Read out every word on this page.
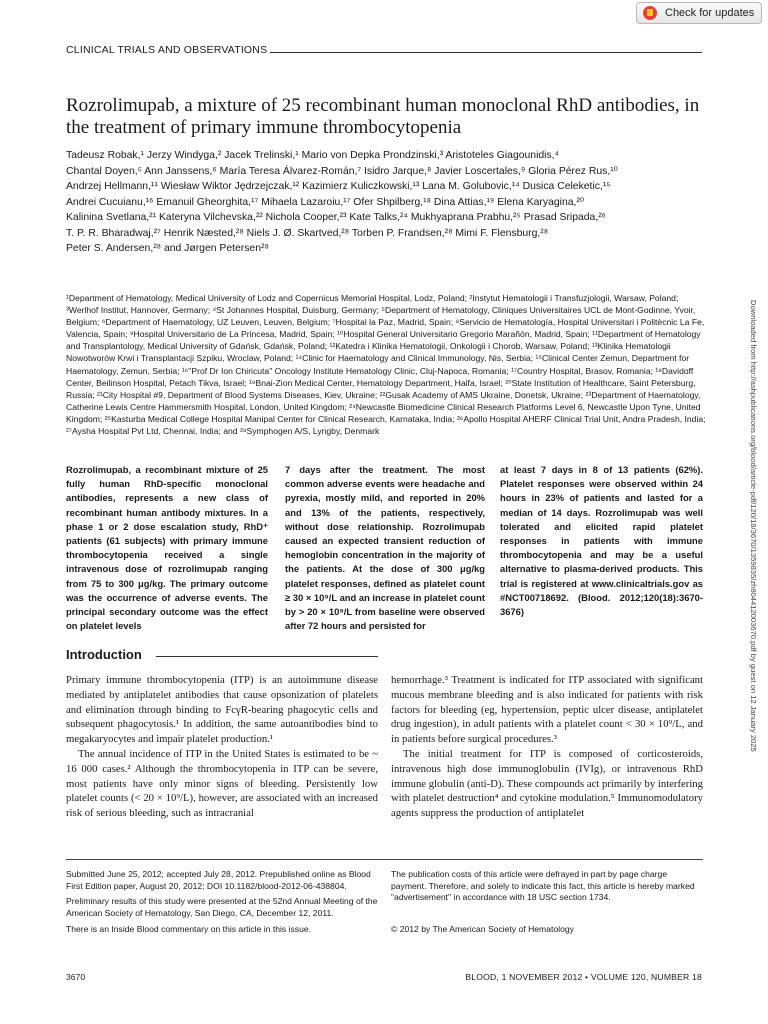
Check for updates
CLINICAL TRIALS AND OBSERVATIONS
Rozrolimupab, a mixture of 25 recombinant human monoclonal RhD antibodies, in the treatment of primary immune thrombocytopenia
Tadeusz Robak,¹ Jerzy Windyga,² Jacek Trelinski,¹ Mario von Depka Prondzinski,³ Aristoteles Giagounidis,⁴
Chantal Doyen,⁵ Ann Janssens,⁶ María Teresa Álvarez-Román,⁷ Isidro Jarque,⁸ Javier Loscertales,⁹ Gloria Pérez Rus,¹⁰
Andrzej Hellmann,¹¹ Wiesław Wiktor Jędrzejczak,¹² Kazimierz Kuliczkowski,¹³ Lana M. Golubovic,¹⁴ Dusica Celeketic,¹⁵
Andrei Cucuianu,¹⁶ Emanuil Gheorghita,¹⁷ Mihaela Lazaroiu,¹⁷ Ofer Shpilberg,¹⁸ Dina Attias,¹⁹ Elena Karyagina,²⁰
Kalinina Svetlana,²¹ Kateryna Vilchevska,²² Nichola Cooper,²³ Kate Talks,²⁴ Mukhyaprana Prabhu,²⁵ Prasad Sripada,²⁶
T. P. R. Bharadwaj,²⁷ Henrik Næsted,²⁸ Niels J. Ø. Skartved,²⁸ Torben P. Frandsen,²⁸ Mimi F. Flensburg,²⁸
Peter S. Andersen,²⁸ and Jørgen Petersen²⁸
¹Department of Hematology, Medical University of Lodz and Copernicus Memorial Hospital, Lodz, Poland; ²Instytut Hematologii i Transfuzjologii, Warsaw, Poland; ³Werlhof Institut, Hannover, Germany; ⁴St Johannes Hospital, Duisburg, Germany; ⁵Department of Hematology, Cliniques Universitaires UCL de Mont-Godinne, Yvoir, Belgium; ⁶Department of Haematology, UZ Leuven, Leuven, Belgium; ⁷Hospital la Paz, Madrid, Spain; ⁸Servicio de Hematología, Hospital Universitari i Politècnic La Fe, Valencia, Spain; ⁹Hospital Universitario de La Princesa, Madrid, Spain; ¹⁰Hospital General Universitario Gregorio Marañón, Madrid, Spain; ¹¹Department of Hematology and Transplantology, Medical University of Gdańsk, Gdańsk, Poland; ¹²Katedra i Klinika Hematologii, Onkologii i Chorob, Warsaw, Poland; ¹³Klinika Hematologii Nowotworów Krwi i Transplantacji Szpiku, Wroclaw, Poland; ¹⁴Clinic for Haematology and Clinical Immunology, Nis, Serbia; ¹⁵Clinical Center Zemun, Department for Haematology, Zemun, Serbia; ¹⁶"Prof Dr Ion Chiricuta" Oncology Institute Hematology Clinic, Cluj-Napoca, Romania; ¹⁷Country Hospital, Brasov, Romania; ¹⁸Davidoff Center, Beilinson Hospital, Petach Tikva, Israel; ¹⁹Bnai-Zion Medical Center, Hematology Department, Haifa, Israel; ²⁰State Institution of Healthcare, Saint Petersburg, Russia; ²¹City Hospital #9, Department of Blood Systems Diseases, Kiev, Ukraine; ²²Gusak Academy of AMS Ukraine, Donetsk, Ukraine; ²³Department of Haematology, Catherine Lewis Centre Hammersmith Hospital, London, United Kingdom; ²⁴Newcastle Biomedicine Clinical Research Platforms Level 6, Newcastle Upon Tyne, United Kingdom; ²⁵Kasturba Medical College Hospital Manipal Center for Clinical Research, Karnataka, India; ²⁶Apollo Hospital AHERF Clinical Trial Unit, Andra Pradesh, India; ²⁷Aysha Hospital Pvt Ltd, Chennai, India; and ²⁸Symphogen A/S, Lyngby, Denmark
Rozrolimupab, a recombinant mixture of 25 fully human RhD-specific monoclonal antibodies, represents a new class of recombinant human antibody mixtures. In a phase 1 or 2 dose escalation study, RhD⁺ patients (61 subjects) with primary immune thrombocytopenia received a single intravenous dose of rozrolimupab ranging from 75 to 300 μg/kg. The primary outcome was the occurrence of adverse events. The principal secondary outcome was the effect on platelet levels
7 days after the treatment. The most common adverse events were headache and pyrexia, mostly mild, and reported in 20% and 13% of the patients, respectively, without dose relationship. Rozrolimupab caused an expected transient reduction of hemoglobin concentration in the majority of the patients. At the dose of 300 μg/kg platelet responses, defined as platelet count ≥ 30 × 10⁹/L and an increase in platelet count by > 20 × 10⁹/L from baseline were observed after 72 hours and persisted for
at least 7 days in 8 of 13 patients (62%). Platelet responses were observed within 24 hours in 23% of patients and lasted for a median of 14 days. Rozrolimupab was well tolerated and elicited rapid platelet responses in patients with immune thrombocytopenia and may be a useful alternative to plasma-derived products. This trial is registered at www.clinicaltrials.gov as #NCT00718692. (Blood. 2012;120(18):3670-3676)
Introduction

Primary immune thrombocytopenia (ITP) is an autoimmune disease mediated by antiplatelet antibodies that cause opsonization of platelets and elimination through binding to FcγR-bearing phagocytic cells and subsequent phagocytosis.¹ In addition, the same autoantibodies bind to megakaryocytes and impair platelet production.¹

The annual incidence of ITP in the United States is estimated to be ~ 16 000 cases.² Although the thrombocytopenia in ITP can be severe, most patients have only minor signs of bleeding. Persistently low platelet counts (< 20 × 10⁹/L), however, are associated with an increased risk of serious bleeding, such as intracranial

hemorrhage.³ Treatment is indicated for ITP associated with significant mucous membrane bleeding and is also indicated for patients with risk factors for bleeding (eg, hypertension, peptic ulcer disease, antiplatelet drug ingestion), in adult patients with a platelet count < 30 × 10⁹/L, and in patients before surgical procedures.³

The initial treatment for ITP is composed of corticosteroids, intravenous high dose immunoglobulin (IVIg), or intravenous RhD immune globulin (anti-D). These compounds act primarily by interfering with platelet destruction⁴ and cytokine modulation.⁵ Immunomodulatory agents suppress the production of antiplatelet

Submitted June 25, 2012; accepted July 28, 2012. Prepublished online as Blood First Edition paper, August 20, 2012; DOI 10.1182/blood-2012-06-438804.
Preliminary results of this study were presented at the 52nd Annual Meeting of the American Society of Hematology, San Diego, CA, December 12, 2011.
There is an Inside Blood commentary on this article in this issue.
The publication costs of this article were defrayed in part by page charge payment. Therefore, and solely to indicate this fact, this article is hereby marked "advertisement" in accordance with 18 USC section 1734.
© 2012 by The American Society of Hematology
3670	BLOOD, 1 NOVEMBER 2012 • VOLUME 120, NUMBER 18
Downloaded from http://ashpublications.org/blood/article-pdf/120/18/3670/1359835/zh804412003670.pdf by guest on 12 January 2025
